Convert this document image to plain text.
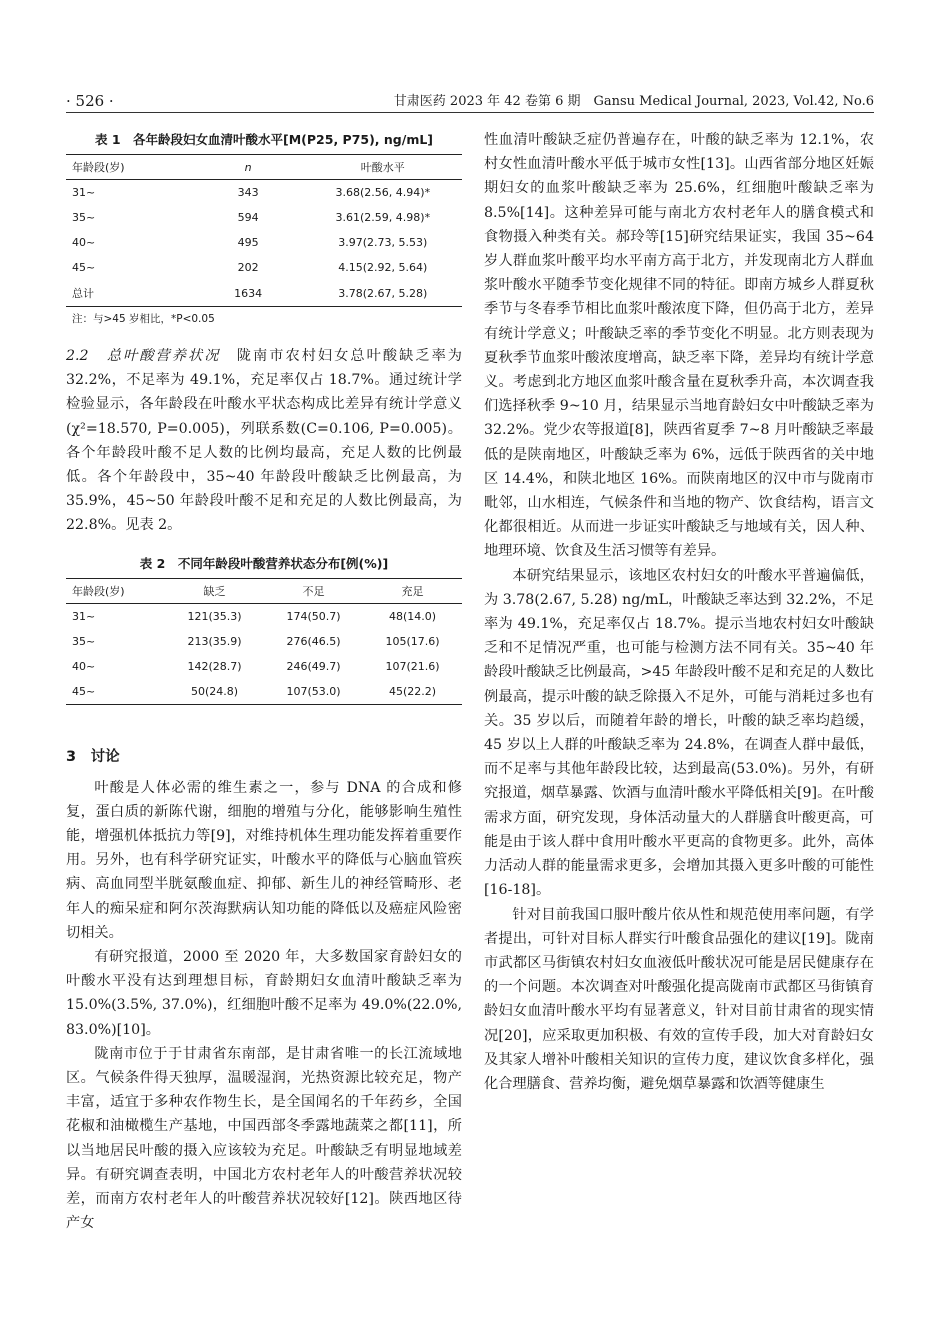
· 526 ·	甘肃医药 2023 年 42 卷第 6 期　Gansu Medical Journal, 2023, Vol.42, No.6
表 1　各年龄段妇女血清叶酸水平[M(P25, P75), ng/mL]
年龄段(岁)	n	叶酸水平
31~	343	3.68(2.56, 4.94)*
35~	594	3.61(2.59, 4.98)*
40~	495	3.97(2.73, 5.53)
45~	202	4.15(2.92, 5.64)
总计	1634	3.78(2.67, 5.28)
注：与>45 岁相比，*P<0.05

2.2　总叶酸营养状况　 陇南市农村妇女总叶酸缺乏率为 32.2%，不足率为 49.1%，充足率仅占 18.7%。通过统计学检验显示，各年龄段在叶酸水平状态构成比差异有统计学意义(χ²=18.570, P=0.005)，列联系数(C=0.106, P=0.005)。各个年龄段叶酸不足人数的比例均最高，充足人数的比例最低。各个年龄段中，35~40 年龄段叶酸缺乏比例最高，为 35.9%，45~50 年龄段叶酸不足和充足的人数比例最高，为 22.8%。见表 2。

表 2　不同年龄段叶酸营养状态分布[例(%)]
年龄段(岁)	缺乏	不足	充足
31~	121(35.3)	174(50.7)	48(14.0)
35~	213(35.9)	276(46.5)	105(17.6)
40~	142(28.7)	246(49.7)	107(21.6)
45~	50(24.8)	107(53.0)	45(22.2)
3　讨论

叶酸是人体必需的维生素之一，参与 DNA 的合成和修复，蛋白质的新陈代谢，细胞的增殖与分化，能够影响生殖性能，增强机体抵抗力等[9]，对维持机体生理功能发挥着重要作用。另外，也有科学研究证实，叶酸水平的降低与心脑血管疾病、高血同型半胱氨酸血症、抑郁、新生儿的神经管畸形、老年人的痴呆症和阿尔茨海默病认知功能的降低以及癌症风险密切相关。

有研究报道，2000 至 2020 年，大多数国家育龄妇女的叶酸水平没有达到理想目标，育龄期妇女血清叶酸缺乏率为 15.0%(3.5%, 37.0%)，红细胞叶酸不足率为 49.0%(22.0%, 83.0%)[10]。

陇南市位于于甘肃省东南部，是甘肃省唯一的长江流域地区。气候条件得天独厚，温暖湿润，光热资源比较充足，物产丰富，适宜于多种农作物生长，是全国闻名的千年药乡，全国花椒和油橄榄生产基地，中国西部冬季露地蔬菜之都[11]，所以当地居民叶酸的摄入应该较为充足。叶酸缺乏有明显地域差异。有研究调查表明，中国北方农村老年人的叶酸营养状况较差，而南方农村老年人的叶酸营养状况较好[12]。陕西地区待产女

性血清叶酸缺乏症仍普遍存在，叶酸的缺乏率为 12.1%，农村女性血清叶酸水平低于城市女性[13]。山西省部分地区妊娠期妇女的血浆叶酸缺乏率为 25.6%，红细胞叶酸缺乏率为 8.5%[14]。这种差异可能与南北方农村老年人的膳食模式和食物摄入种类有关。郝玲等[15]研究结果证实，我国 35~64 岁人群血浆叶酸平均水平南方高于北方，并发现南北方人群血浆叶酸水平随季节变化规律不同的特征。即南方城乡人群夏秋季节与冬春季节相比血浆叶酸浓度下降，但仍高于北方，差异有统计学意义；叶酸缺乏率的季节变化不明显。北方则表现为夏秋季节血浆叶酸浓度增高，缺乏率下降，差异均有统计学意义。考虑到北方地区血浆叶酸含量在夏秋季升高，本次调查我们选择秋季 9~10 月，结果显示当地育龄妇女中叶酸缺乏率为 32.2%。党少农等报道[8]，陕西省夏季 7~8 月叶酸缺乏率最低的是陕南地区，叶酸缺乏率为 6%，远低于陕西省的关中地区 14.4%，和陕北地区 16%。而陕南地区的汉中市与陇南市毗邻，山水相连，气候条件和当地的物产、饮食结构，语言文化都很相近。从而进一步证实叶酸缺乏与地域有关，因人种、地理环境、饮食及生活习惯等有差异。

本研究结果显示，该地区农村妇女的叶酸水平普遍偏低，为 3.78(2.67, 5.28) ng/mL，叶酸缺乏率达到 32.2%，不足率为 49.1%，充足率仅占 18.7%。提示当地农村妇女叶酸缺乏和不足情况严重，也可能与检测方法不同有关。35~40 年龄段叶酸缺乏比例最高，>45 年龄段叶酸不足和充足的人数比例最高，提示叶酸的缺乏除摄入不足外，可能与消耗过多也有关。35 岁以后，而随着年龄的增长，叶酸的缺乏率均趋缓，45 岁以上人群的叶酸缺乏率为 24.8%，在调查人群中最低，而不足率与其他年龄段比较，达到最高(53.0%)。另外，有研究报道，烟草暴露、饮酒与血清叶酸水平降低相关[9]。在叶酸需求方面，研究发现，身体活动量大的人群膳食叶酸更高，可能是由于该人群中食用叶酸水平更高的食物更多。此外，高体力活动人群的能量需求更多，会增加其摄入更多叶酸的可能性[16-18]。

针对目前我国口服叶酸片依从性和规范使用率问题，有学者提出，可针对目标人群实行叶酸食品强化的建议[19]。陇南市武都区马街镇农村妇女血液低叶酸状况可能是居民健康存在的一个问题。本次调查对叶酸强化提高陇南市武都区马街镇育龄妇女血清叶酸水平均有显著意义，针对目前甘肃省的现实情况[20]，应采取更加积极、有效的宣传手段，加大对育龄妇女及其家人增补叶酸相关知识的宣传力度，建议饮食多样化，强化合理膳食、营养均衡，避免烟草暴露和饮酒等健康生
